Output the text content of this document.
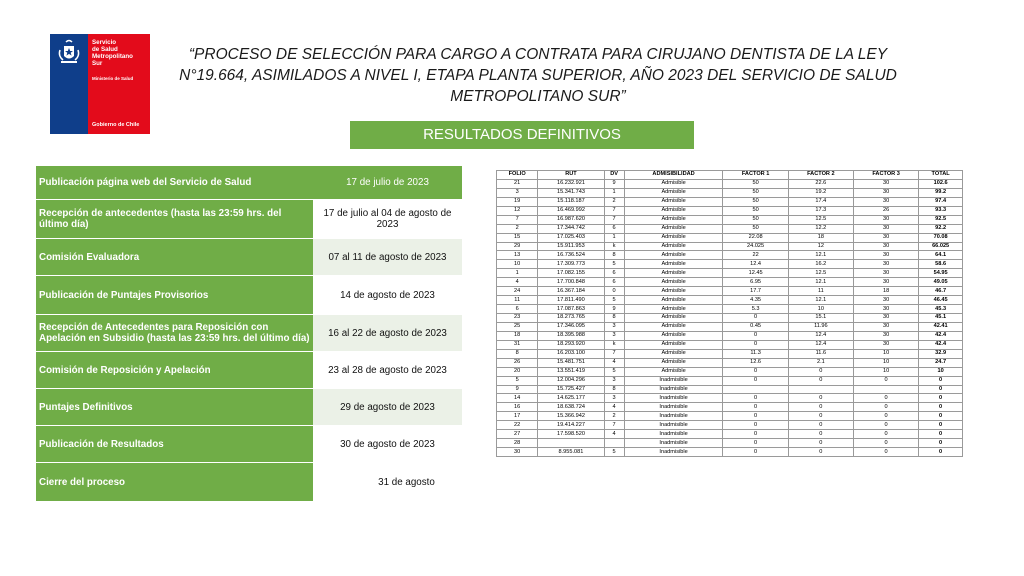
Servicio
de Salud
Metropolitano
Sur
Ministerio de Salud
Gobierno de Chile
“PROCESO DE SELECCIÓN PARA CARGO A CONTRATA PARA CIRUJANO DENTISTA DE LA LEY N°19.664, ASIMILADOS A NIVEL I, ETAPA PLANTA SUPERIOR, AÑO 2023 DEL SERVICIO DE SALUD METROPOLITANO SUR”
RESULTADOS DEFINITIVOS
Publicación página web del Servicio de Salud	17 de julio de 2023
Recepción de antecedentes (hasta las 23:59 hrs. del último día)	17 de julio al 04 de agosto de 2023
Comisión Evaluadora	07 al 11 de agosto de 2023
Publicación de Puntajes Provisorios	14 de agosto de 2023
Recepción de Antecedentes para Reposición con Apelación en Subsidio (hasta las 23:59 hrs. del último día)	16 al 22 de agosto de 2023
Comisión de Reposición y Apelación	23 al 28 de agosto de 2023
Puntajes Definitivos	29 de agosto de 2023
Publicación de Resultados	30 de agosto de 2023
Cierre del proceso	31 de agosto
FOLIO	RUT	DV	ADMISIBILIDAD	FACTOR 1	FACTOR 2	FACTOR 3	TOTAL
21	16.232.921	9	Admisible	50	22.6	30	102.6
3	15.341.743	1	Admisible	50	19.2	30	99.2
19	15.118.187	2	Admisible	50	17.4	30	97.4
12	16.469.992	7	Admisible	50	17.3	26	93.3
7	16.987.620	7	Admisible	50	12.5	30	92.5
2	17.344.742	6	Admisible	50	12.2	30	92.2
15	17.025.403	1	Admisible	22.08	18	30	70.08
29	15.911.953	k	Admisible	24.025	12	30	66.025
13	16.736.524	8	Admisible	22	12.1	30	64.1
10	17.309.773	5	Admisible	12.4	16.2	30	58.6
1	17.082.155	6	Admisible	12.45	12.5	30	54.95
4	17.700.848	6	Admisible	6.95	12.1	30	49.05
24	16.367.184	0	Admisible	17.7	11	18	46.7
11	17.811.490	5	Admisible	4.35	12.1	30	46.45
6	17.087.863	9	Admisible	5.3	10	30	45.3
23	18.273.765	8	Admisible	0	15.1	30	45.1
25	17.346.095	3	Admisible	0.45	11.96	30	42.41
18	18.395.988	3	Admisible	0	12.4	30	42.4
31	18.293.920	k	Admisible	0	12.4	30	42.4
8	16.203.100	7	Admisible	11.3	11.6	10	32.9
26	15.481.751	4	Admisible	12.6	2.1	10	24.7
20	13.551.419	5	Admisible	0	0	10	10
5	12.004.296	3	Inadmisible	0	0	0	0
9	15.725.427	8	Inadmisible				0
14	14.625.177	3	Inadmisible	0	0	0	0
16	18.638.724	4	Inadmisible	0	0	0	0
17	15.366.942	2	Inadmisible	0	0	0	0
22	19.414.227	7	Inadmisible	0	0	0	0
27	17.598.520	4	Inadmisible	0	0	0	0
28			Inadmisible	0	0	0	0
30	8.955.081	5	Inadmisible	0	0	0	0
